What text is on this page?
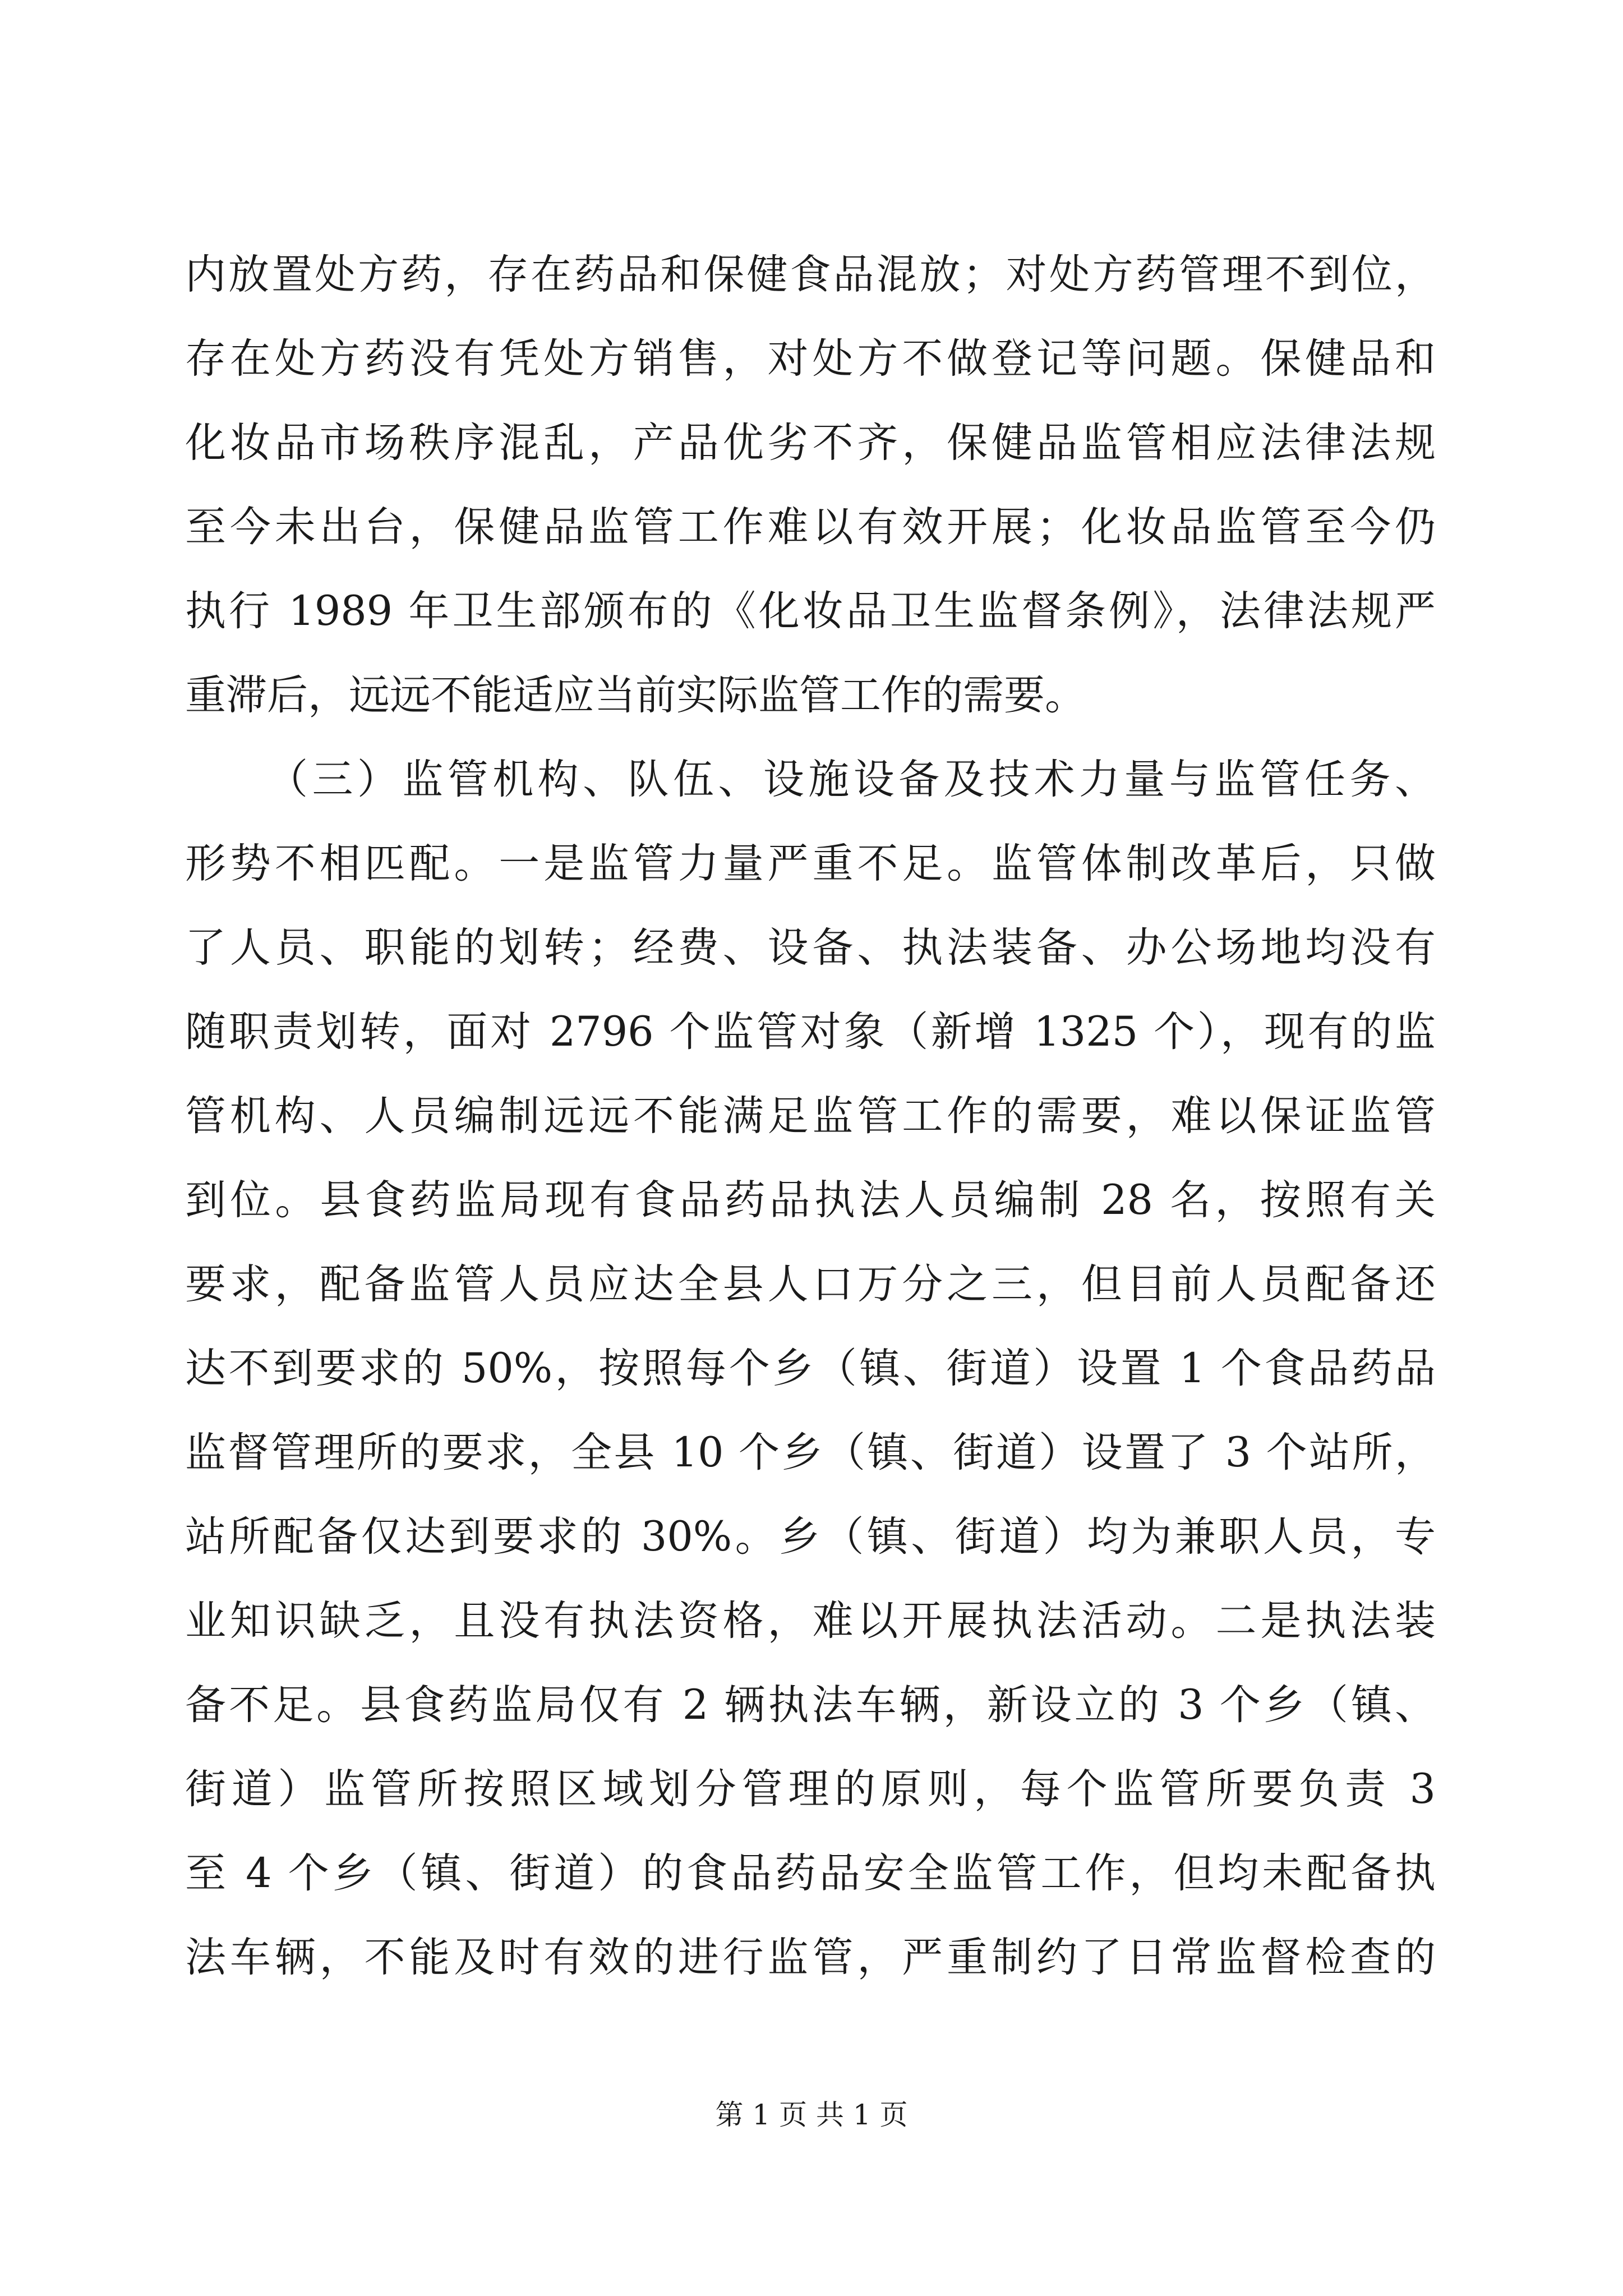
内放置处方药，存在药品和保健食品混放；对处方药管理不到位，
存在处方药没有凭处方销售，对处方不做登记等问题。保健品和
化妆品市场秩序混乱，产品优劣不齐，保健品监管相应法律法规
至今未出台，保健品监管工作难以有效开展；化妆品监管至今仍
执行 1989 年卫生部颁布的《化妆品卫生监督条例》，法律法规严
重滞后，远远不能适应当前实际监管工作的需要。
（三）监管机构、队伍、设施设备及技术力量与监管任务、
形势不相匹配。一是监管力量严重不足。监管体制改革后，只做
了人员、职能的划转；经费、设备、执法装备、办公场地均没有
随职责划转，面对 2796 个监管对象（新增 1325 个），现有的监
管机构、人员编制远远不能满足监管工作的需要，难以保证监管
到位。县食药监局现有食品药品执法人员编制 28 名，按照有关
要求，配备监管人员应达全县人口万分之三，但目前人员配备还
达不到要求的 50%，按照每个乡（镇、街道）设置 1 个食品药品
监督管理所的要求，全县 10 个乡（镇、街道）设置了 3 个站所，
站所配备仅达到要求的 30%。乡（镇、街道）均为兼职人员，专
业知识缺乏，且没有执法资格，难以开展执法活动。二是执法装
备不足。县食药监局仅有 2 辆执法车辆，新设立的 3 个乡（镇、
街道）监管所按照区域划分管理的原则，每个监管所要负责 3
至 4 个乡（镇、街道）的食品药品安全监管工作，但均未配备执
法车辆，不能及时有效的进行监管，严重制约了日常监督检查的
第 1 页 共 1 页
